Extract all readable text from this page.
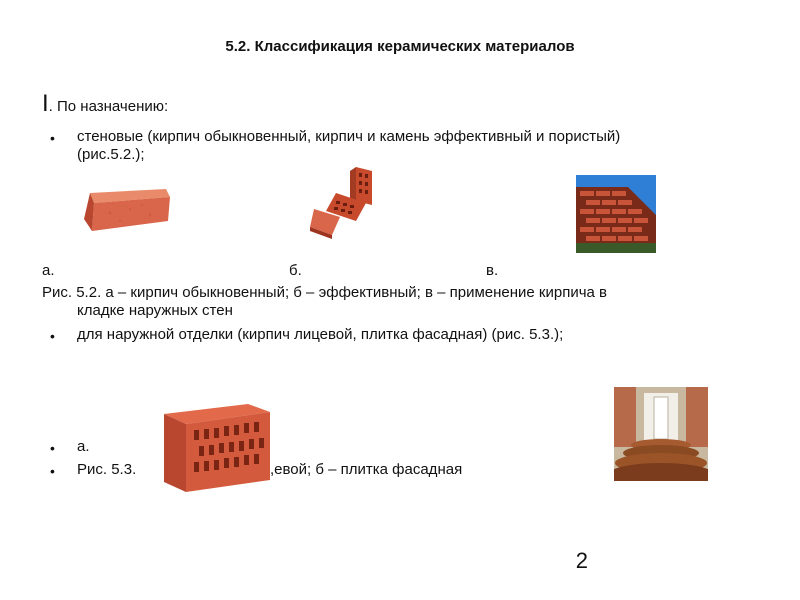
5.2. Классификация керамических материалов
I. По назначению:
• стеновые (кирпич обыкновенный, кирпич и камень эффективный и пористый)
(рис.5.2.);
а.	б.	в.
Рис. 5.2. а – кирпич обыкновенный; б – эффективный; в – применение кирпича в
кладке наружных стен
• для наружной отделки (кирпич лицевой, плитка фасадная) (рис. 5.3.);
• а.
• Рис. 5.3.	,евой; б – плитка фасадная
2
